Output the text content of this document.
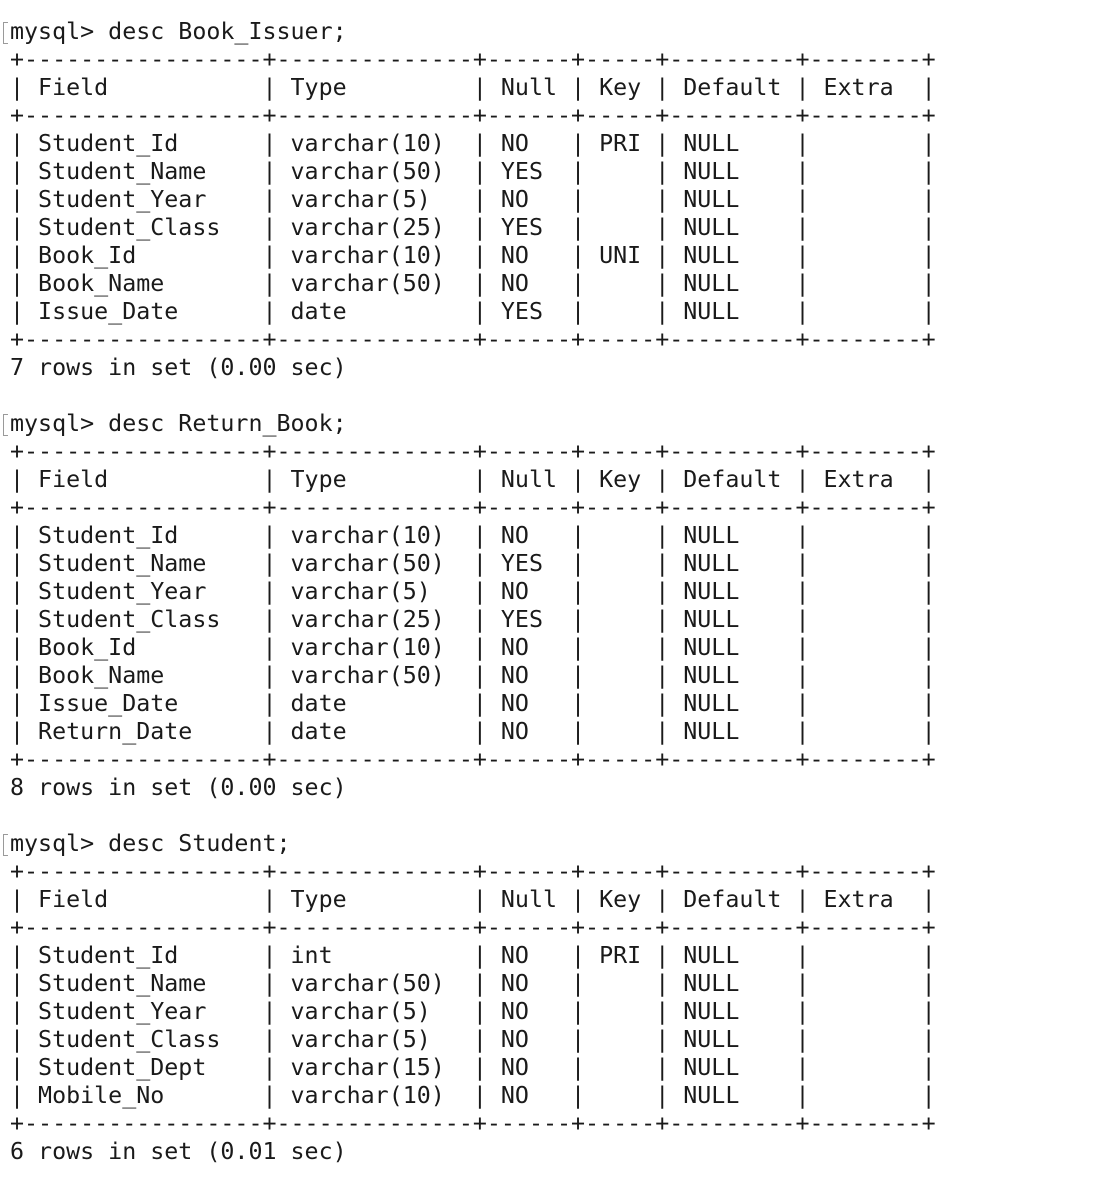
mysql> desc Book_Issuer;
+-----------------+--------------+------+-----+---------+--------+
| Field           | Type         | Null | Key | Default | Extra  |
+-----------------+--------------+------+-----+---------+--------+
| Student_Id      | varchar(10)  | NO   | PRI | NULL    |        |
| Student_Name    | varchar(50)  | YES  |     | NULL    |        |
| Student_Year    | varchar(5)   | NO   |     | NULL    |        |
| Student_Class   | varchar(25)  | YES  |     | NULL    |        |
| Book_Id         | varchar(10)  | NO   | UNI | NULL    |        |
| Book_Name       | varchar(50)  | NO   |     | NULL    |        |
| Issue_Date      | date         | YES  |     | NULL    |        |
+-----------------+--------------+------+-----+---------+--------+
7 rows in set (0.00 sec)
mysql> desc Return_Book;
+-----------------+--------------+------+-----+---------+--------+
| Field           | Type         | Null | Key | Default | Extra  |
+-----------------+--------------+------+-----+---------+--------+
| Student_Id      | varchar(10)  | NO   |     | NULL    |        |
| Student_Name    | varchar(50)  | YES  |     | NULL    |        |
| Student_Year    | varchar(5)   | NO   |     | NULL    |        |
| Student_Class   | varchar(25)  | YES  |     | NULL    |        |
| Book_Id         | varchar(10)  | NO   |     | NULL    |        |
| Book_Name       | varchar(50)  | NO   |     | NULL    |        |
| Issue_Date      | date         | NO   |     | NULL    |        |
| Return_Date     | date         | NO   |     | NULL    |        |
+-----------------+--------------+------+-----+---------+--------+
8 rows in set (0.00 sec)
mysql> desc Student;
+-----------------+--------------+------+-----+---------+--------+
| Field           | Type         | Null | Key | Default | Extra  |
+-----------------+--------------+------+-----+---------+--------+
| Student_Id      | int          | NO   | PRI | NULL    |        |
| Student_Name    | varchar(50)  | NO   |     | NULL    |        |
| Student_Year    | varchar(5)   | NO   |     | NULL    |        |
| Student_Class   | varchar(5)   | NO   |     | NULL    |        |
| Student_Dept    | varchar(15)  | NO   |     | NULL    |        |
| Mobile_No       | varchar(10)  | NO   |     | NULL    |        |
+-----------------+--------------+------+-----+---------+--------+
6 rows in set (0.01 sec)
